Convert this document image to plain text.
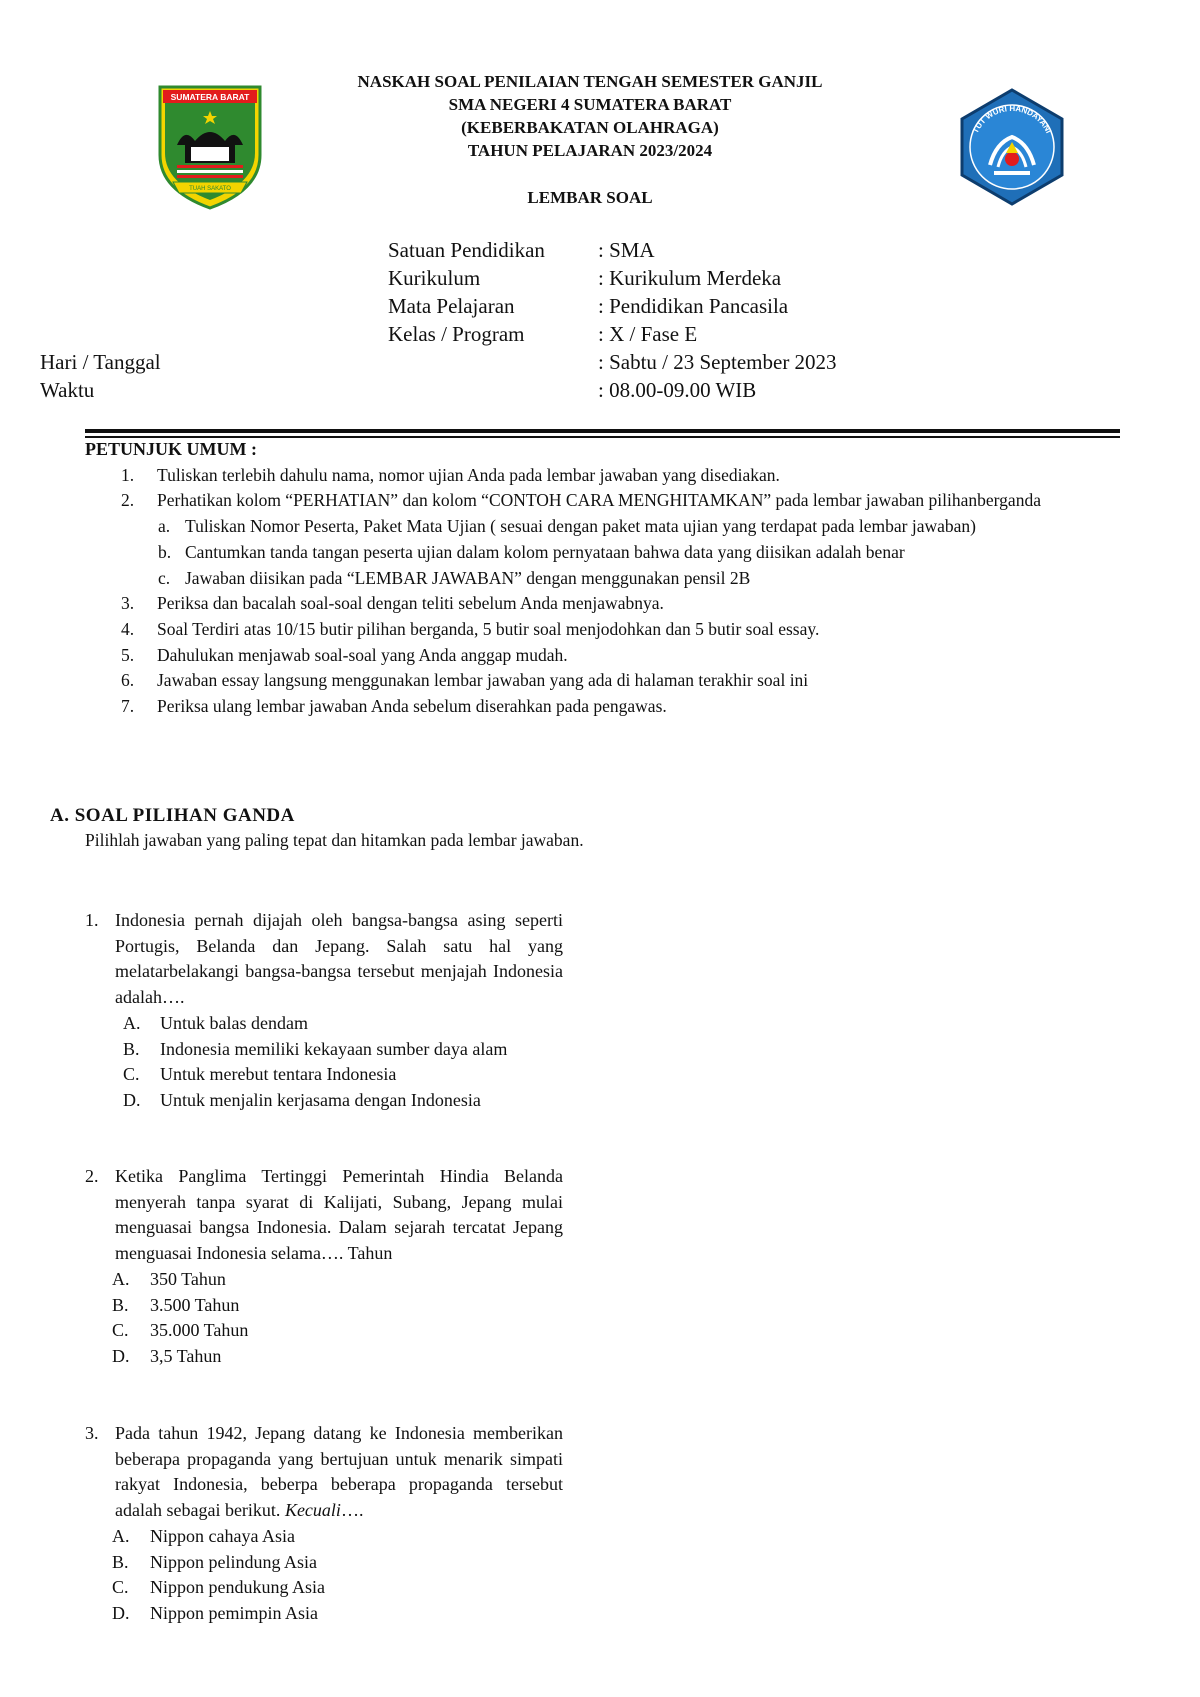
SUMATERA BARAT
TUAH SAKATO
TUT WURI HANDAYANI
NASKAH SOAL PENILAIAN TENGAH SEMESTER GANJIL
SMA NEGERI 4 SUMATERA BARAT
(KEBERBAKATAN OLAHRAGA)
TAHUN PELAJARAN 2023/2024
LEMBAR SOAL
Satuan Pendidikan	: SMA
Kurikulum	: Kurikulum Merdeka
Mata Pelajaran	: Pendidikan Pancasila
Kelas / Program	: X / Fase E
Hari / Tanggal	: Sabtu / 23 September 2023
Waktu	: 08.00-09.00 WIB
PETUNJUK UMUM :
1. Tuliskan terlebih dahulu nama, nomor ujian Anda pada lembar jawaban yang disediakan.
2. Perhatikan kolom “PERHATIAN” dan kolom “CONTOH CARA MENGHITAMKAN” pada lembar jawaban pilihanberganda
a. Tuliskan Nomor Peserta, Paket Mata Ujian ( sesuai dengan paket mata ujian yang terdapat pada lembar jawaban)
b. Cantumkan tanda tangan peserta ujian dalam kolom pernyataan bahwa data yang diisikan adalah benar
c. Jawaban diisikan pada “LEMBAR JAWABAN” dengan menggunakan pensil 2B
3. Periksa dan bacalah soal-soal dengan teliti sebelum Anda menjawabnya.
4. Soal Terdiri atas 10/15 butir pilihan berganda, 5 butir soal menjodohkan dan 5 butir soal essay.
5. Dahulukan menjawab soal-soal yang Anda anggap mudah.
6. Jawaban essay langsung menggunakan lembar jawaban yang ada di halaman terakhir soal ini
7. Periksa ulang lembar jawaban Anda sebelum diserahkan pada pengawas.
A. SOAL PILIHAN GANDA
Pilihlah jawaban yang paling tepat dan hitamkan pada lembar jawaban.
1. Indonesia pernah dijajah oleh bangsa-bangsa asing seperti Portugis, Belanda dan Jepang. Salah satu hal yang melatarbelakangi bangsa-bangsa tersebut menjajah Indonesia adalah….
A. Untuk balas dendam
B. Indonesia memiliki kekayaan sumber daya alam
C. Untuk merebut tentara Indonesia
D. Untuk menjalin kerjasama dengan Indonesia
2. Ketika Panglima Tertinggi Pemerintah Hindia Belanda menyerah tanpa syarat di Kalijati, Subang, Jepang mulai menguasai bangsa Indonesia. Dalam sejarah tercatat Jepang menguasai Indonesia selama…. Tahun
A. 350 Tahun
B. 3.500 Tahun
C. 35.000 Tahun
D. 3,5 Tahun
3. Pada tahun 1942, Jepang datang ke Indonesia memberikan beberapa propaganda yang bertujuan untuk menarik simpati rakyat Indonesia, beberpa beberapa propaganda tersebut adalah sebagai berikut. Kecuali….
A. Nippon cahaya Asia
B. Nippon pelindung Asia
C. Nippon pendukung Asia
D. Nippon pemimpin Asia
